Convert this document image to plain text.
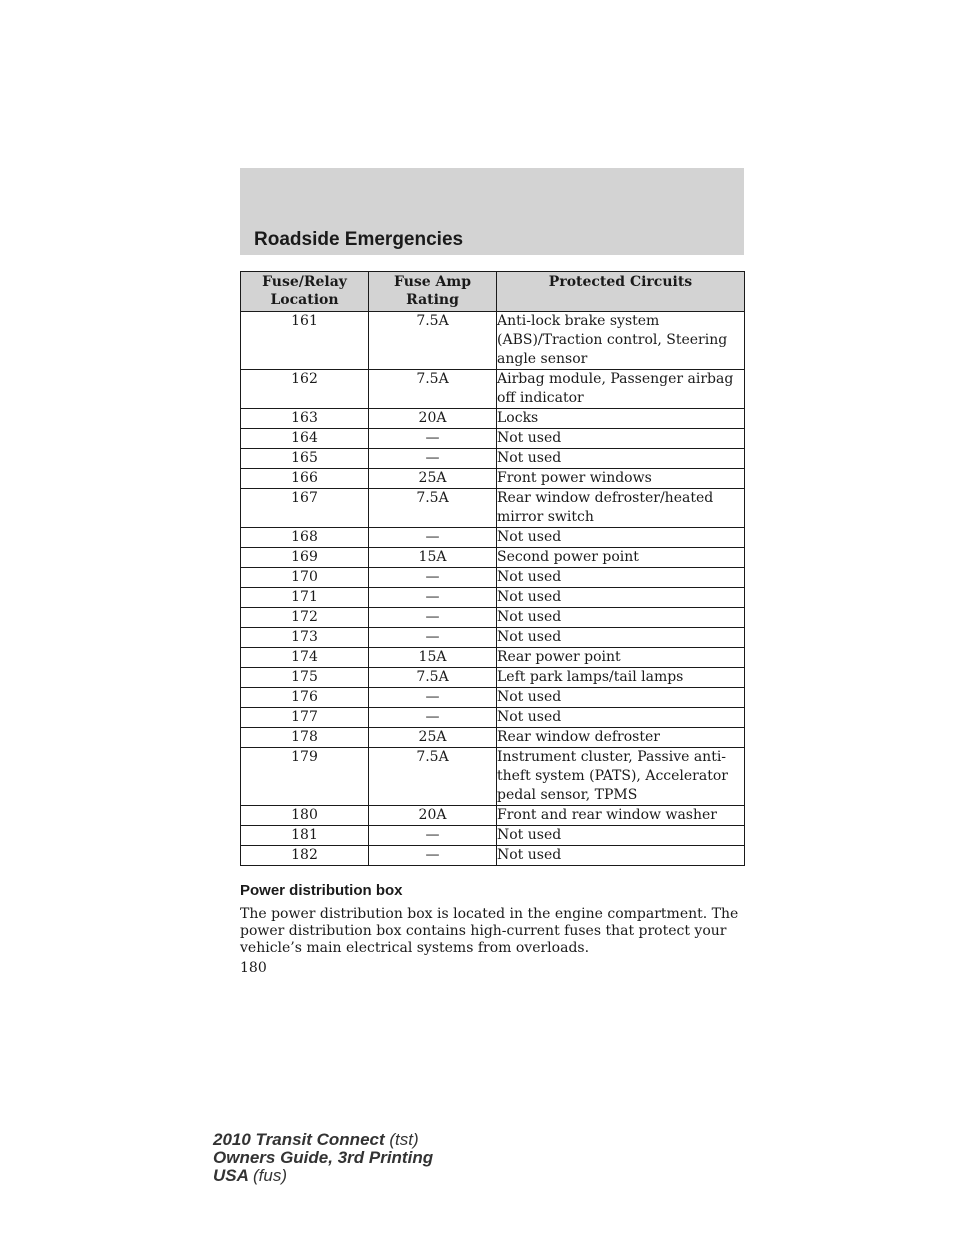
Roadside Emergencies
Fuse/Relay Location	Fuse Amp Rating	Protected Circuits
161	7.5A	Anti-lock brake system (ABS)/Traction control, Steering angle sensor
162	7.5A	Airbag module, Passenger airbag off indicator
163	20A	Locks
164	—	Not used
165	—	Not used
166	25A	Front power windows
167	7.5A	Rear window defroster/heated mirror switch
168	—	Not used
169	15A	Second power point
170	—	Not used
171	—	Not used
172	—	Not used
173	—	Not used
174	15A	Rear power point
175	7.5A	Left park lamps/tail lamps
176	—	Not used
177	—	Not used
178	25A	Rear window defroster
179	7.5A	Instrument cluster, Passive anti-theft system (PATS), Accelerator pedal sensor, TPMS
180	20A	Front and rear window washer
181	—	Not used
182	—	Not used
Power distribution box
The power distribution box is located in the engine compartment. The power distribution box contains high-current fuses that protect your vehicle’s main electrical systems from overloads.
180
2010 Transit Connect (tst)
Owners Guide, 3rd Printing
USA (fus)
